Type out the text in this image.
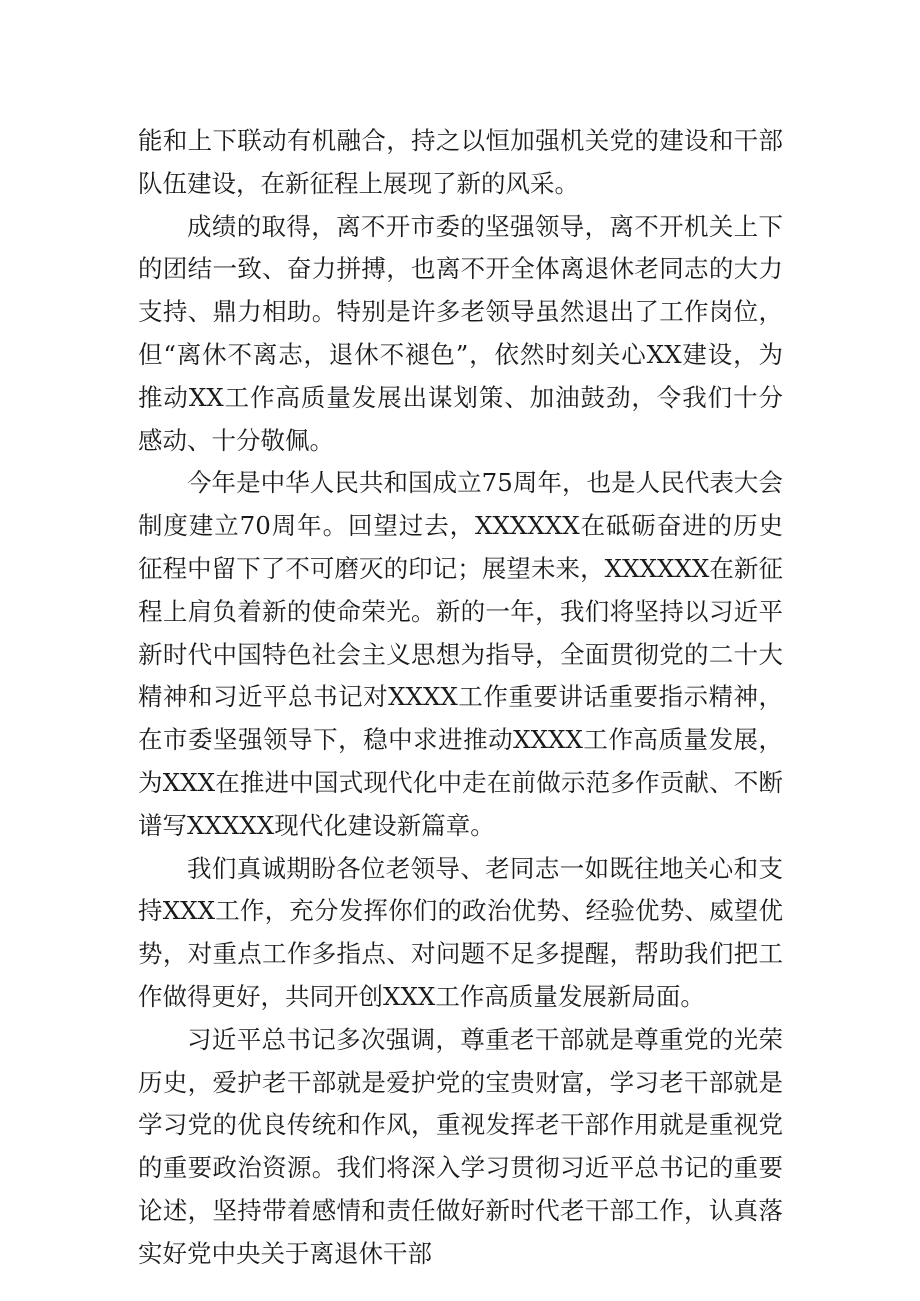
能和上下联动有机融合，持之以恒加强机关党的建设和干部队伍建设，在新征程上展现了新的风采。

成绩的取得，离不开市委的坚强领导，离不开机关上下的团结一致、奋力拼搏，也离不开全体离退休老同志的大力支持、鼎力相助。特别是许多老领导虽然退出了工作岗位，但“离休不离志，退休不褪色”，依然时刻关心XX建设，为推动XX工作高质量发展出谋划策、加油鼓劲，令我们十分感动、十分敬佩。

今年是中华人民共和国成立75周年，也是人民代表大会制度建立70周年。回望过去，XXXXXX在砥砺奋进的历史征程中留下了不可磨灭的印记；展望未来，XXXXXX在新征程上肩负着新的使命荣光。新的一年，我们将坚持以习近平新时代中国特色社会主义思想为指导，全面贯彻党的二十大精神和习近平总书记对XXXX工作重要讲话重要指示精神，在市委坚强领导下，稳中求进推动XXXX工作高质量发展，为XXX在推进中国式现代化中走在前做示范多作贡献、不断谱写XXXXX现代化建设新篇章。

我们真诚期盼各位老领导、老同志一如既往地关心和支持XXX工作，充分发挥你们的政治优势、经验优势、威望优势，对重点工作多指点、对问题不足多提醒，帮助我们把工作做得更好，共同开创XXX工作高质量发展新局面。

习近平总书记多次强调，尊重老干部就是尊重党的光荣历史，爱护老干部就是爱护党的宝贵财富，学习老干部就是学习党的优良传统和作风，重视发挥老干部作用就是重视党的重要政治资源。我们将深入学习贯彻习近平总书记的重要论述，坚持带着感情和责任做好新时代老干部工作，认真落实好党中央关于离退休干部
